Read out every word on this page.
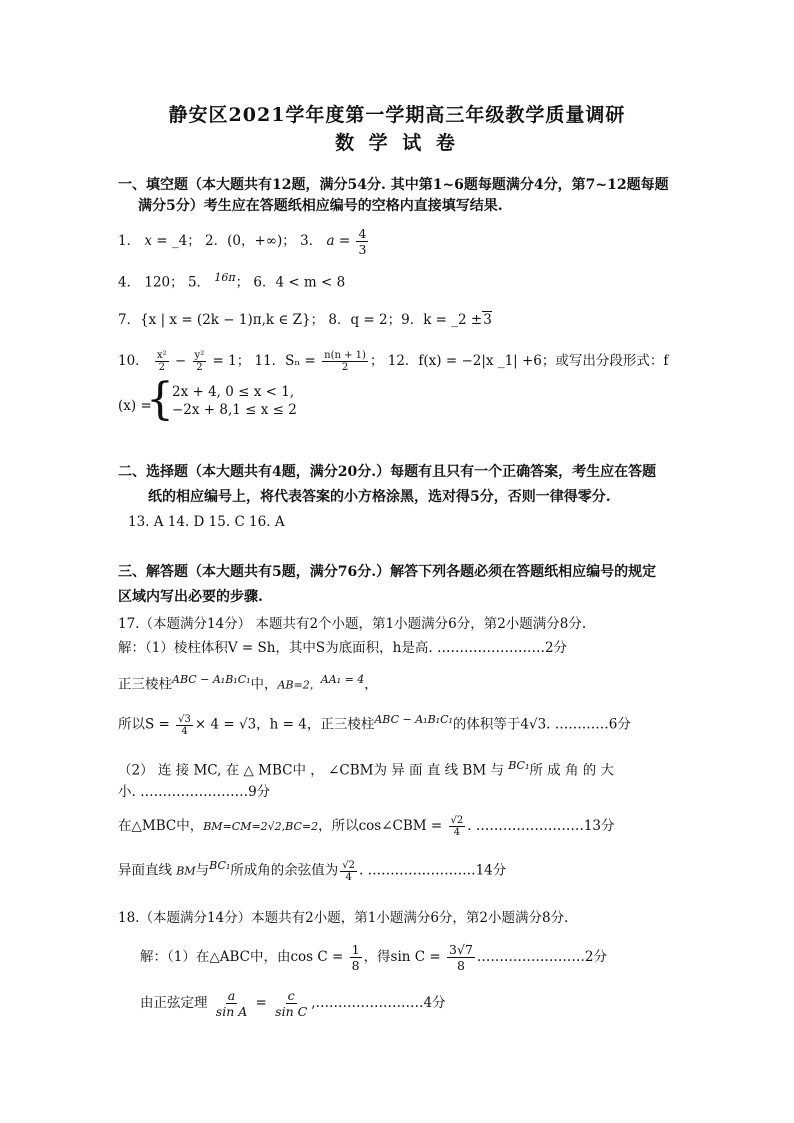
静安区2021学年度第一学期高三年级教学质量调研
数 学 试 卷
一、填空题（本大题共有12题，满分54分. 其中第1~6题每题满分4分，第7~12题每题
满分5分）考生应在答题纸相应编号的空格内直接填写结果.
1． x = _4； 2．(0，+∞)； 3． $a = \frac{4}{3}$
4． 120； 5． $^{16\pi}$； 6．4 < m < 8
7．{x | x = (2k − 1)π,k ∈ Z}； 8．q = 2；9．k = _2 ±3
10． $\frac{\text{x²}}{2} - \frac{\text{y²}}{2} = 1$； 11．$S_n = \frac{n(n + 1)}{2}$ ； 12．f(x) = −2|x _1| +6；或写出分段形式：f
(x) =
{
2x + 4, 0 ≤ x < 1,
−2x + 8,1 ≤ x ≤ 2
二、选择题（本大题共有4题，满分20分.）每题有且只有一个正确答案，考生应在答题
纸的相应编号上，将代表答案的小方格涂黑，选对得5分，否则一律得零分.
13. A 14. D 15. C 16. A
三、解答题（本大题共有5题，满分76分.）解答下列各题必须在答题纸相应编号的规定
区域内写出必要的步骤.
17.（本题满分14分） 本题共有2个小题，第1小题满分6分，第2小题满分8分.
解：（1）棱柱体积V = Sh，其中S为底面积，h是高. ……………………2分
正三棱柱$^{ABC - A_1B_1C_1}$中，AB=2，$^{AA_1 = 4}$，
所以$S = \frac{√3}{4} \times 4 = √3$，h = 4，正三棱柱$^{ABC - A_1B_1C_1}$的体积等于4√3. …………6分
（2） 连 接 MC, 在 △ MBC中 ， ∠CBM为 异 面 直 线 BM 与 $^{BC_1}$所 成 角 的 大
小. ……………………9分
在△MBC中，BM=CM=2√2,BC=2，所以cos∠CBM = $\frac{√2}{4}$ . ……………………13分
异面直线 BM与$^{BC_1}$所成角的余弦值为 $\frac{√2}{4}$ . ……………………14分
18.（本题满分14分）本题共有2小题，第1小题满分6分，第2小题满分8分.
解：（1）在△ABC中，由$\cos C = \frac{1}{8}$ ，得$\sin C = \frac{3√7}{8}$ ……………………2分
由正弦定理 $\frac{a}{\text{sin A}} = \frac{c}{\text{sin C}}$ ,……………………4分
